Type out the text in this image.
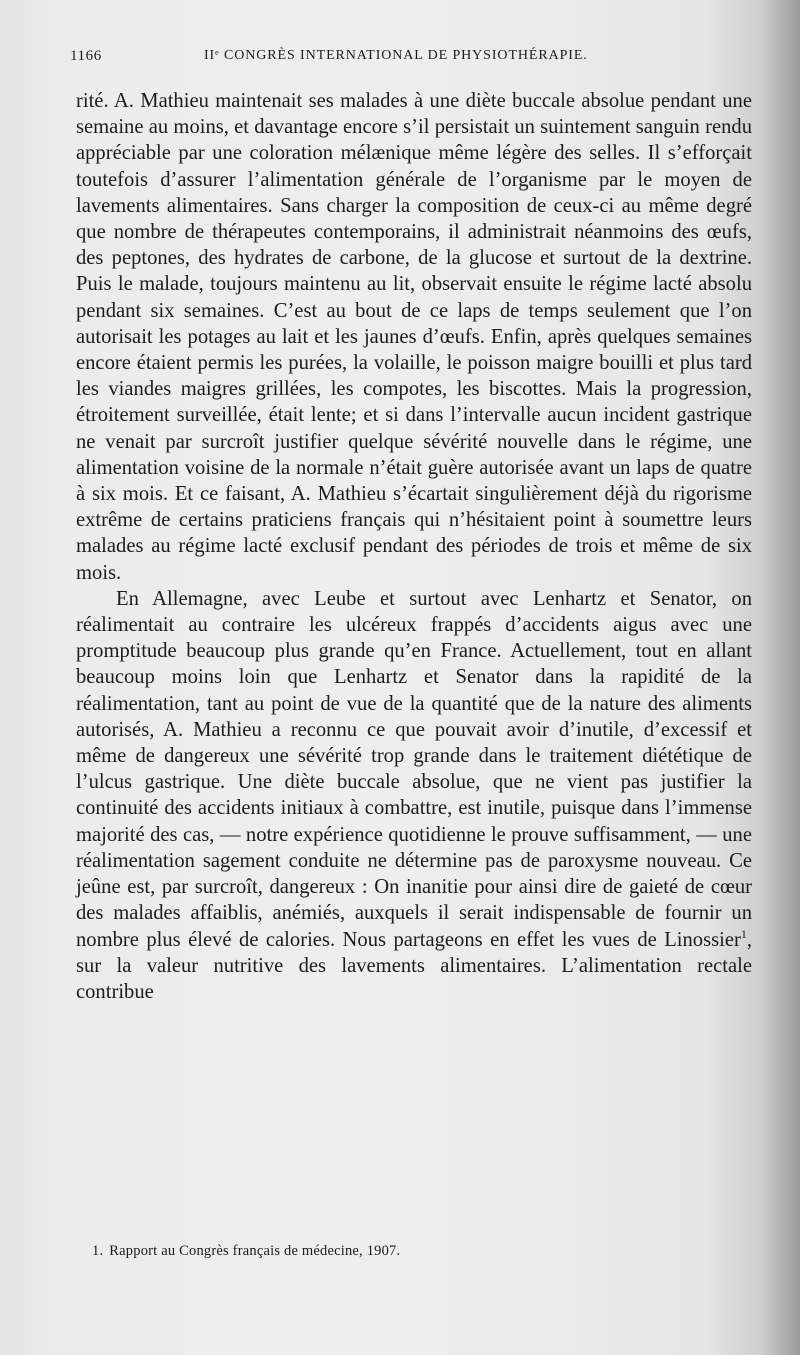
1166	IIᵉ CONGRÈS INTERNATIONAL DE PHYSIOTHÉRAPIE.

rité. A. Mathieu maintenait ses malades à une diète buccale absolue pendant une semaine au moins, et davantage encore s’il persistait un suintement sanguin rendu appréciable par une coloration mélænique même légère des selles. Il s’efforçait toutefois d’assurer l’alimentation générale de l’organisme par le moyen de lavements alimentaires. Sans charger la composition de ceux-ci au même degré que nombre de thérapeutes contemporains, il administrait néanmoins des œufs, des peptones, des hydrates de carbone, de la glucose et surtout de la dextrine. Puis le malade, toujours maintenu au lit, observait ensuite le régime lacté absolu pendant six semaines. C’est au bout de ce laps de temps seulement que l’on autorisait les potages au lait et les jaunes d’œufs. Enfin, après quelques semaines encore étaient permis les purées, la volaille, le poisson maigre bouilli et plus tard les viandes maigres grillées, les compotes, les biscottes. Mais la progression, étroitement surveillée, était lente; et si dans l’intervalle aucun incident gastrique ne venait par surcroît justifier quelque sévérité nouvelle dans le régime, une alimentation voisine de la normale n’était guère autorisée avant un laps de quatre à six mois. Et ce faisant, A. Mathieu s’écartait singulièrement déjà du rigorisme extrême de certains praticiens français qui n’hésitaient point à soumettre leurs malades au régime lacté exclusif pendant des périodes de trois et même de six mois.

En Allemagne, avec Leube et surtout avec Lenhartz et Senator, on réalimentait au contraire les ulcéreux frappés d’accidents aigus avec une promptitude beaucoup plus grande qu’en France. Actuellement, tout en allant beaucoup moins loin que Lenhartz et Senator dans la rapidité de la réalimentation, tant au point de vue de la quantité que de la nature des aliments autorisés, A. Mathieu a reconnu ce que pouvait avoir d’inutile, d’excessif et même de dangereux une sévérité trop grande dans le traitement diététique de l’ulcus gastrique. Une diète buccale absolue, que ne vient pas justifier la continuité des accidents initiaux à combattre, est inutile, puisque dans l’immense majorité des cas, — notre expérience quotidienne le prouve suffisamment, — une réalimentation sagement conduite ne détermine pas de paroxysme nouveau. Ce jeûne est, par surcroît, dangereux : On inanitie pour ainsi dire de gaieté de cœur des malades affaiblis, anémiés, auxquels il serait indispensable de fournir un nombre plus élevé de calories. Nous partageons en effet les vues de Linossier$^1$, sur la valeur nutritive des lavements alimentaires. L’alimentation rectale contribue

1. Rapport au Congrès français de médecine, 1907.
